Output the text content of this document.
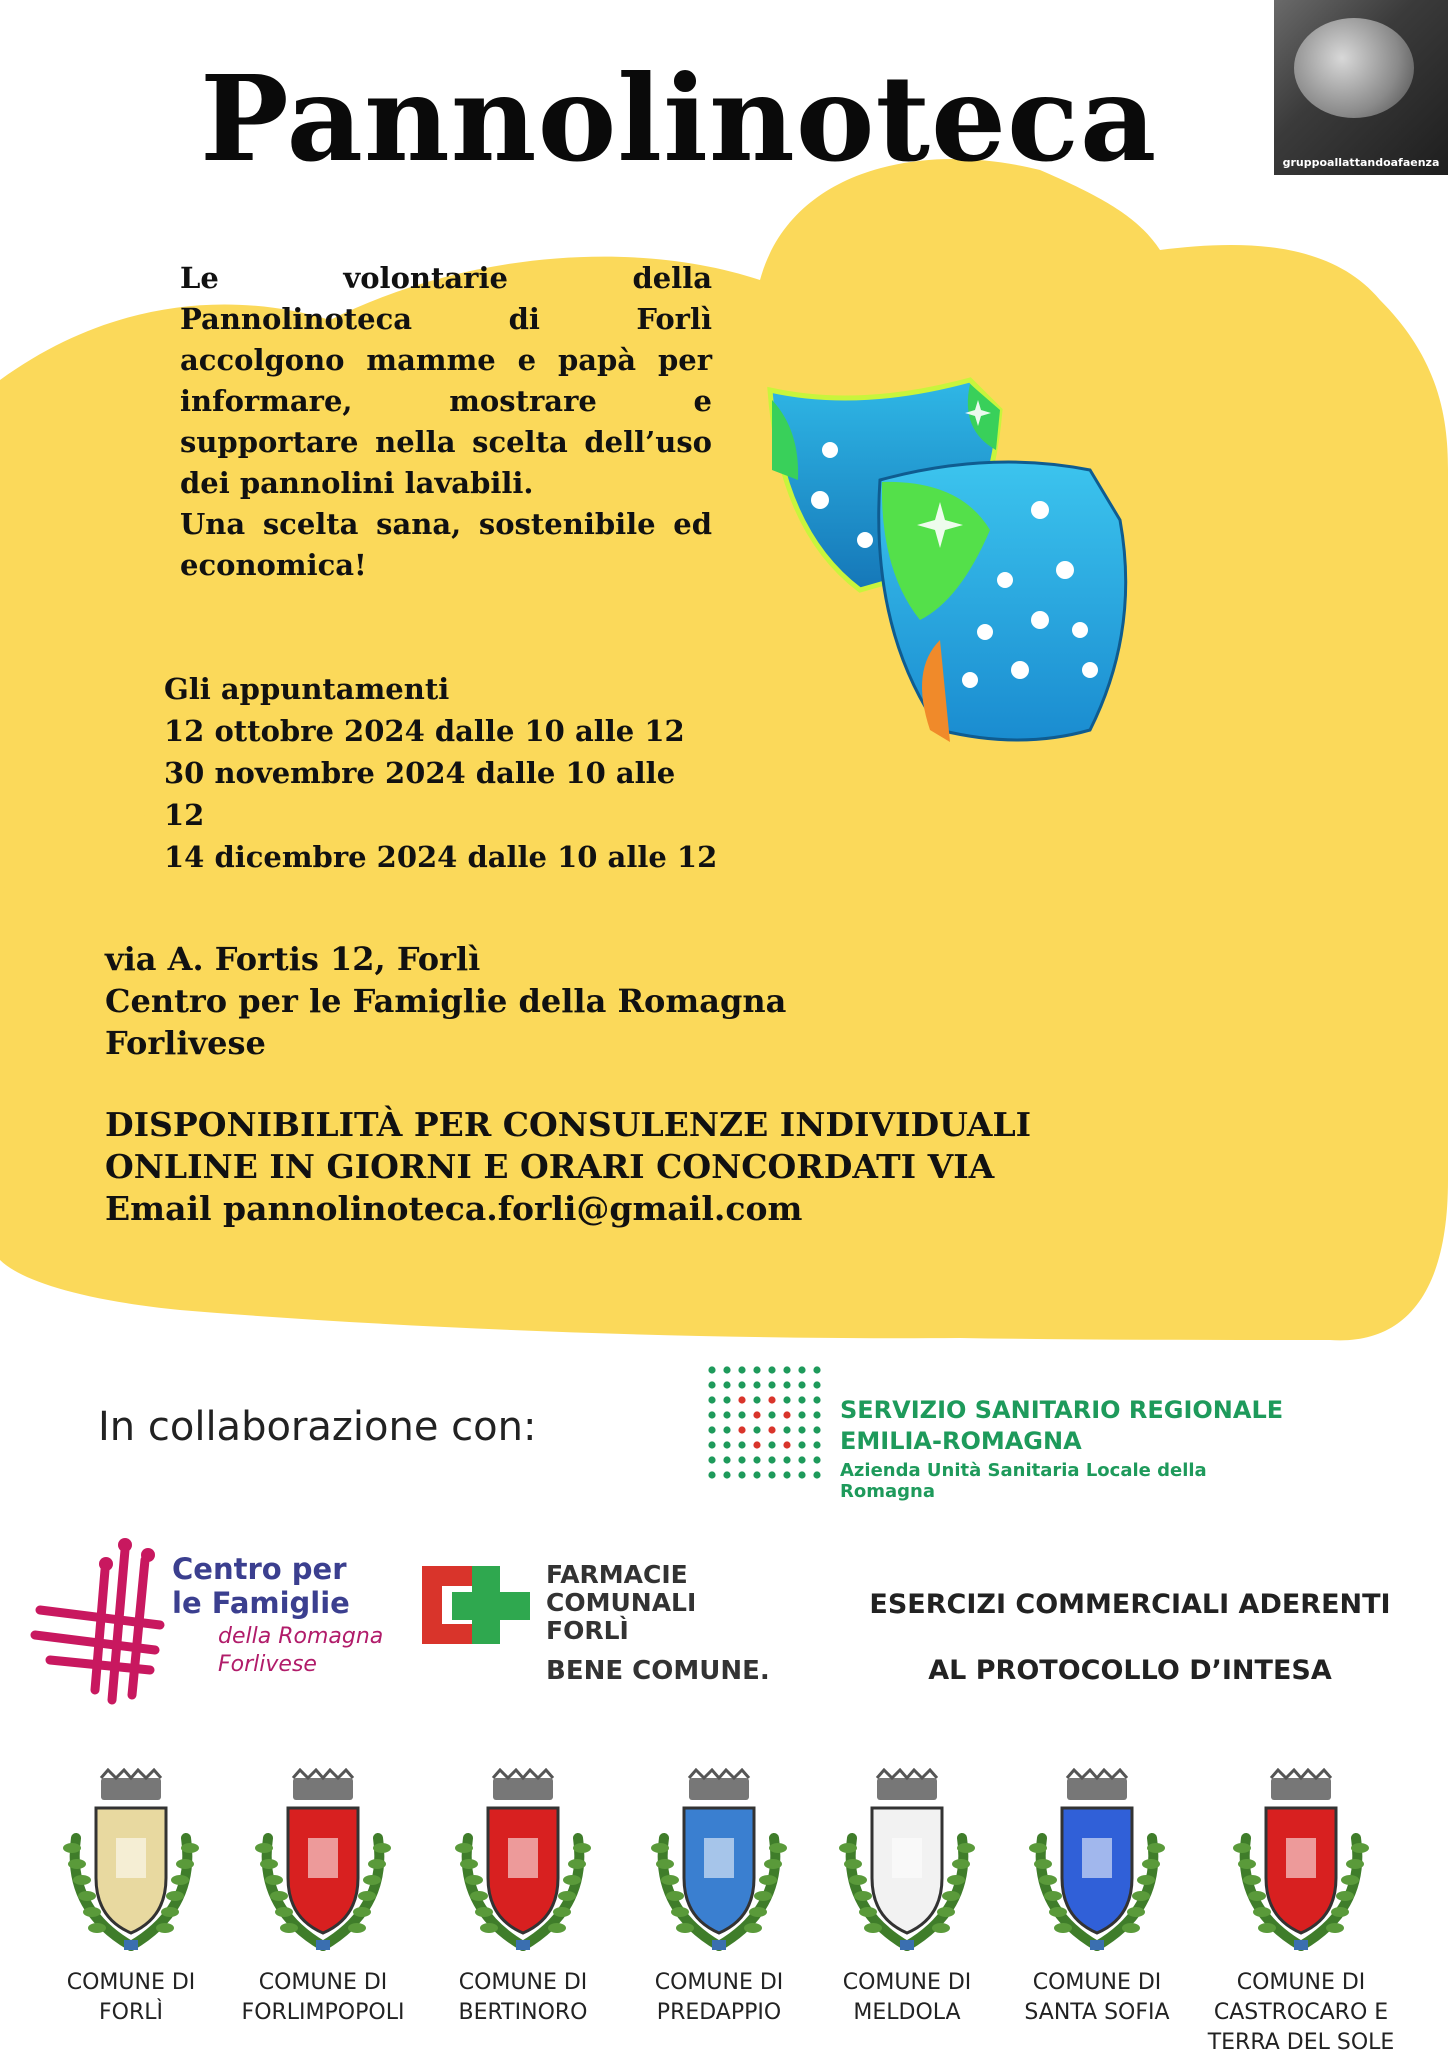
gruppoallattandoafaenza
Pannolinoteca
Le volontarie della Pannolinoteca di Forlì accolgono mamme e papà per informare, mostrare e supportare nella scelta dell’uso dei pannolini lavabili.
Una scelta sana, sostenibile ed economica!
Gli appuntamenti
12 ottobre 2024 dalle 10 alle 12
30 novembre 2024 dalle 10 alle 12
14 dicembre 2024 dalle 10 alle 12
via A. Fortis 12, Forlì
Centro per le Famiglie della Romagna
Forlivese
DISPONIBILITÀ PER CONSULENZE INDIVIDUALI
ONLINE IN GIORNI E ORARI CONCORDATI VIA
Email pannolinoteca.forli@gmail.com
In collaborazione con:	SERVIZIO SANITARIO REGIONALE
EMILIA-ROMAGNA
Azienda Unità Sanitaria Locale della Romagna
Centro per
le Famiglie
della Romagna
Forlivese
FARMACIE
COMUNALI
FORLÌ
BENE COMUNE.
ESERCIZI COMMERCIALI ADERENTI
AL PROTOCOLLO D’INTESA
COMUNE DI
FORLÌ
COMUNE DI
FORLIMPOPOLI
COMUNE DI
BERTINORO
COMUNE DI
PREDAPPIO
COMUNE DI
MELDOLA
COMUNE DI
SANTA SOFIA
COMUNE DI
CASTROCARO E
TERRA DEL SOLE
